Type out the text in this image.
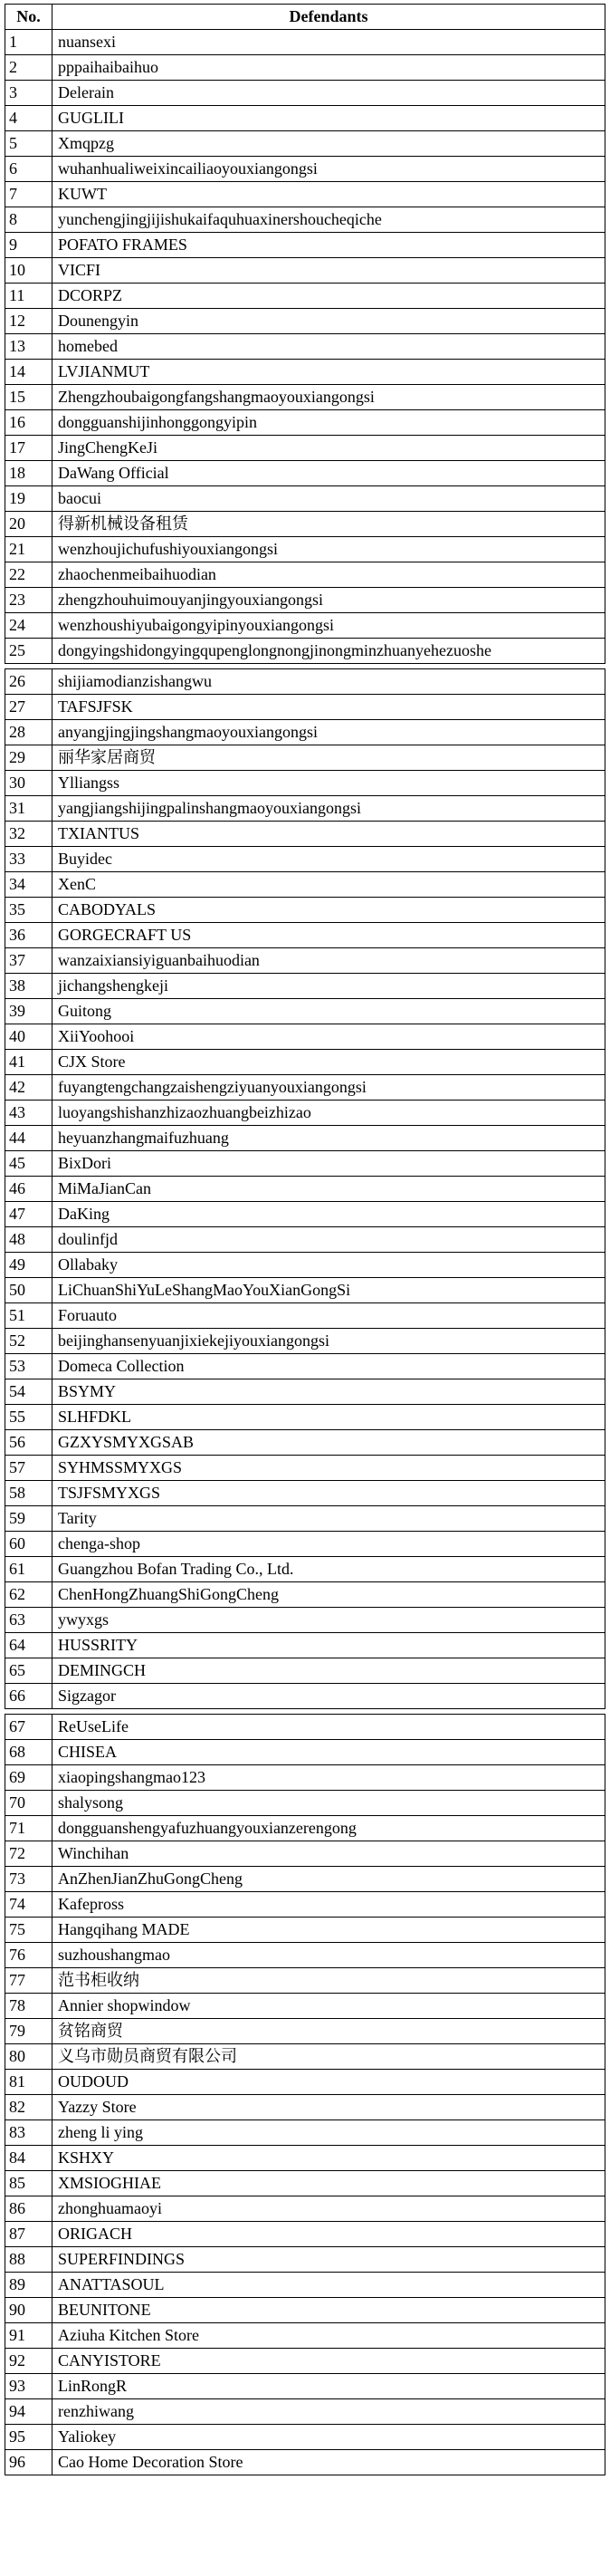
No.	Defendants
1	nuansexi
2	pppaihaibaihuo
3	Delerain
4	GUGLILI
5	Xmqpzg
6	wuhanhualiweixincailiaoyouxiangongsi
7	KUWT
8	yunchengjingjijishukaifaquhuaxinershoucheqiche
9	POFATO FRAMES
10	VICFI
11	DCORPZ
12	Dounengyin
13	homebed
14	LVJIANMUT
15	Zhengzhoubaigongfangshangmaoyouxiangongsi
16	dongguanshijinhonggongyipin
17	JingChengKeJi
18	DaWang Official
19	baocui
20	得新机械设备租赁
21	wenzhoujichufushiyouxiangongsi
22	zhaochenmeibaihuodian
23	zhengzhouhuimouyanjingyouxiangongsi
24	wenzhoushiyubaigongyipinyouxiangongsi
25	dongyingshidongyingqupenglongnongjinongminzhuanyehezuoshe
26	shijiamodianzishangwu
27	TAFSJFSK
28	anyangjingjingshangmaoyouxiangongsi
29	丽华家居商贸
30	Ylliangss
31	yangjiangshijingpalinshangmaoyouxiangongsi
32	TXIANTUS
33	Buyidec
34	XenC
35	CABODYALS
36	GORGECRAFT US
37	wanzaixiansiyiguanbaihuodian
38	jichangshengkeji
39	Guitong
40	XiiYoohooi
41	CJX Store
42	fuyangtengchangzaishengziyuanyouxiangongsi
43	luoyangshishanzhizaozhuangbeizhizao
44	heyuanzhangmaifuzhuang
45	BixDori
46	MiMaJianCan
47	DaKing
48	doulinfjd
49	Ollabaky
50	LiChuanShiYuLeShangMaoYouXianGongSi
51	Foruauto
52	beijinghansenyuanjixiekejiyouxiangongsi
53	Domeca Collection
54	BSYMY
55	SLHFDKL
56	GZXYSMYXGSAB
57	SYHMSSMYXGS
58	TSJFSMYXGS
59	Tarity
60	chenga-shop
61	Guangzhou Bofan Trading Co., Ltd.
62	ChenHongZhuangShiGongCheng
63	ywyxgs
64	HUSSRITY
65	DEMINGCH
66	Sigzagor
67	ReUseLife
68	CHISEA
69	xiaopingshangmao123
70	shalysong
71	dongguanshengyafuzhuangyouxianzerengong
72	Winchihan
73	AnZhenJianZhuGongCheng
74	Kafepross
75	Hangqihang MADE
76	suzhoushangmao
77	范书柜收纳
78	Annier shopwindow
79	贫铭商贸
80	义乌市勋员商贸有限公司
81	OUDOUD
82	Yazzy Store
83	zheng li ying
84	KSHXY
85	XMSIOGHIAE
86	zhonghuamaoyi
87	ORIGACH
88	SUPERFINDINGS
89	ANATTASOUL
90	BEUNITONE
91	Aziuha Kitchen Store
92	CANYISTORE
93	LinRongR
94	renzhiwang
95	Yaliokey
96	Cao Home Decoration Store
